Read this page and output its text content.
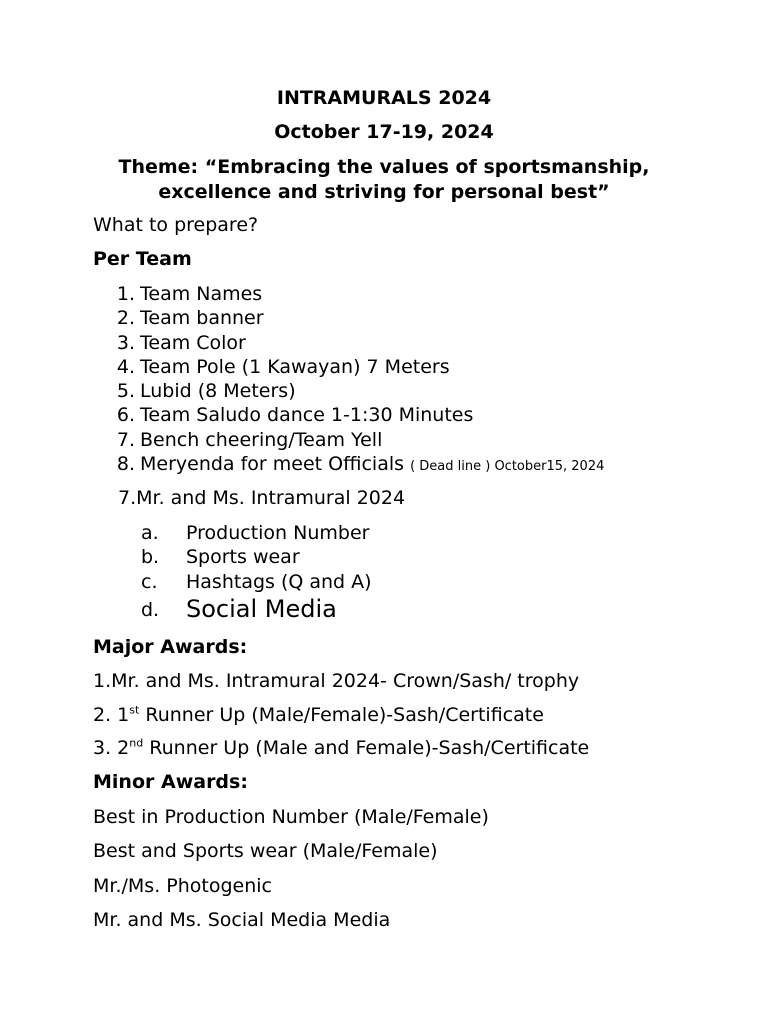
INTRAMURALS 2024
October 17-19, 2024
Theme: “Embracing the values of sportsmanship,
excellence and striving for personal best”
What to prepare?
Per Team
1. Team Names
2. Team banner
3. Team Color
4. Team Pole (1 Kawayan) 7 Meters
5. Lubid (8 Meters)
6. Team Saludo dance 1-1:30 Minutes
7. Bench cheering/Team Yell
8. Meryenda for meet Officials ( Dead line ) October15, 2024
7.Mr. and Ms. Intramural 2024
a. Production Number
b. Sports wear
c. Hashtags (Q and A)
d. Social Media
Major Awards:
1.Mr. and Ms. Intramural 2024- Crown/Sash/ trophy
2. 1st Runner Up (Male/Female)-Sash/Certificate
3. 2nd Runner Up (Male and Female)-Sash/Certificate
Minor Awards:
Best in Production Number (Male/Female)
Best and Sports wear (Male/Female)
Mr./Ms. Photogenic
Mr. and Ms. Social Media Media
